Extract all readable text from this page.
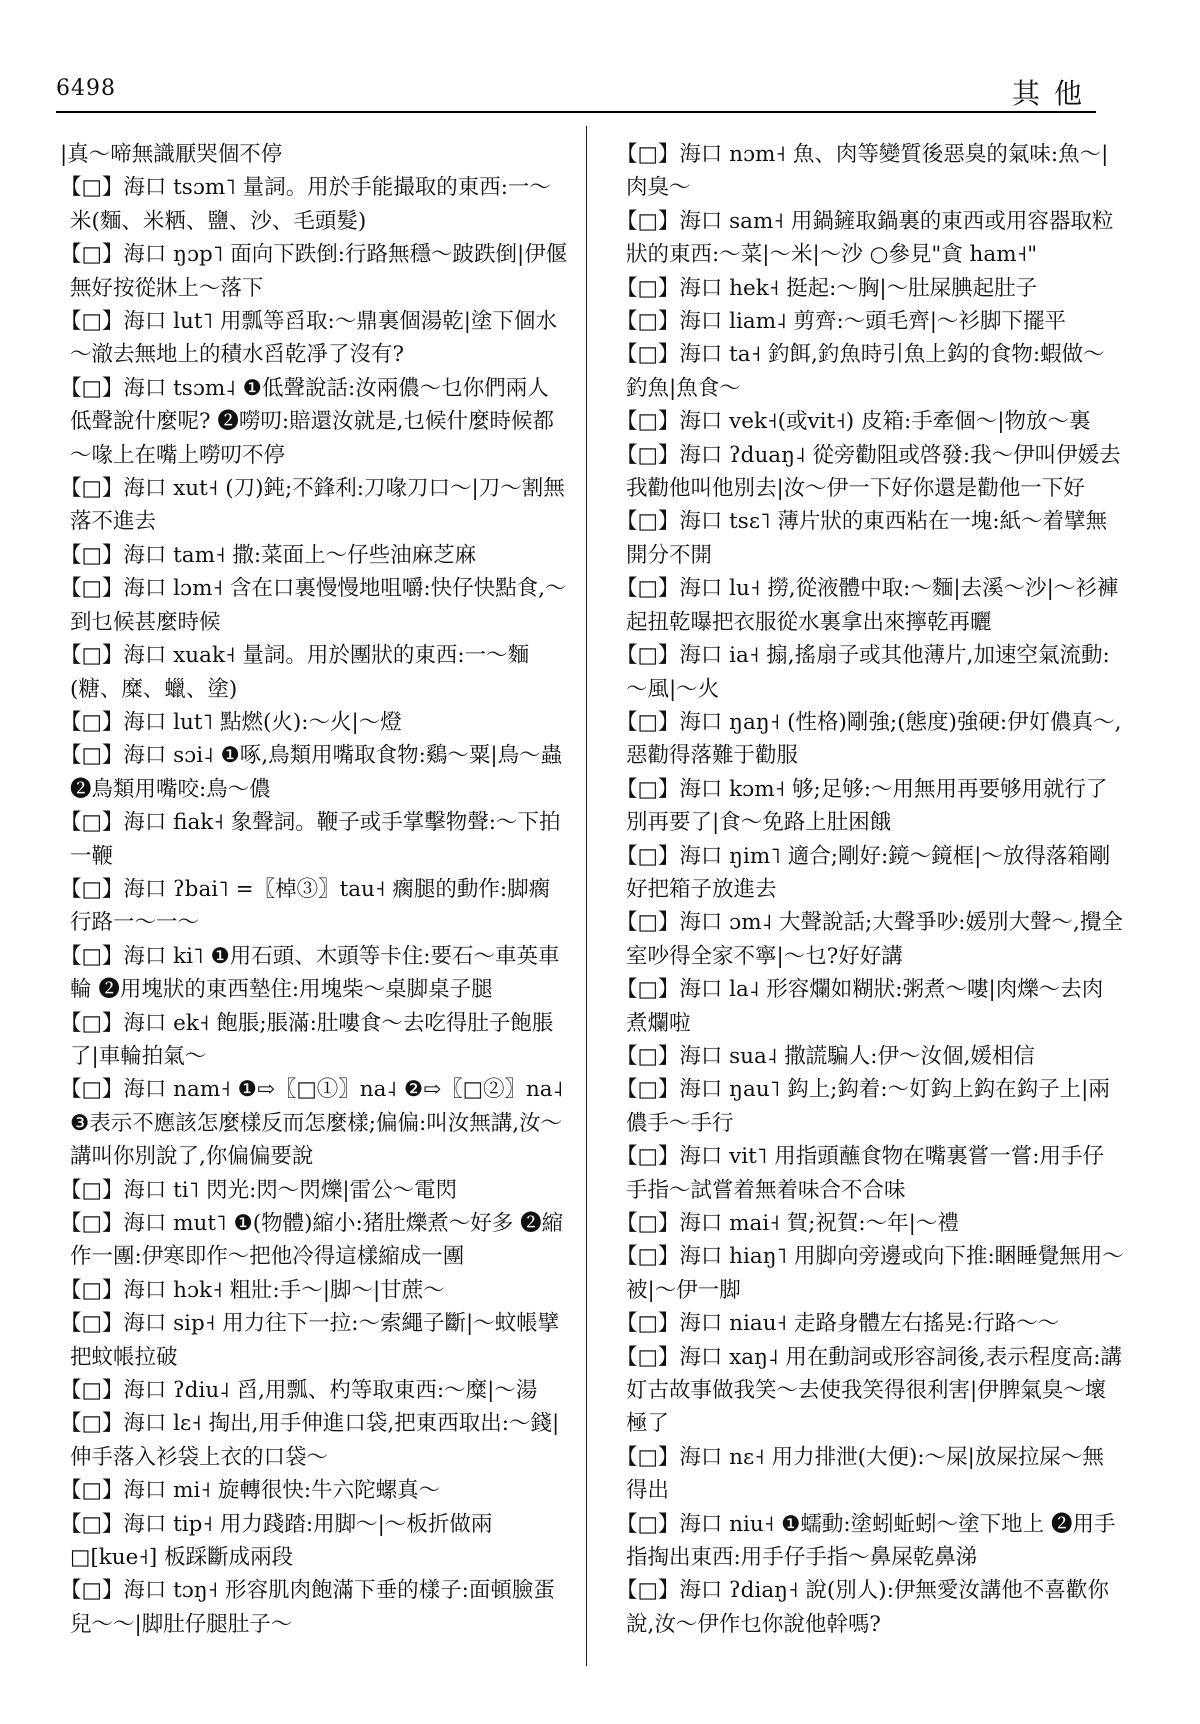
6498	其他
|真～啼無識厭哭個不停
【□】海口 tsɔm˥ 量詞。用於手能撮取的東西:一～米(麵、米粞、鹽、沙、毛頭髮)
【□】海口 ŋɔp˥ 面向下跌倒:行路無穩～跛跌倒|伊偃無好按從牀上～落下
【□】海口 lut˥ 用瓢等舀取:～鼎裏個湯乾|塗下個水～澈去無地上的積水舀乾凈了沒有?
【□】海口 tsɔm˨ ❶低聲說話:汝兩儂～乜你們兩人低聲說什麼呢? ❷嘮叨:賠還汝就是,乜候什麼時候都～喙上在嘴上嘮叨不停
【□】海口 xut˧ (刀)鈍;不鋒利:刀喙刀口～|刀～割無落不進去
【□】海口 tam˧ 撒:菜面上～仔些油麻芝麻
【□】海口 lɔm˧ 含在口裏慢慢地咀嚼:快仔快點食,～到乜候甚麼時候
【□】海口 xuak˧ 量詞。用於團狀的東西:一～麵(糖、糜、蠟、塗)
【□】海口 lut˥ 點燃(火):～火|～燈
【□】海口 sɔi˨ ❶啄,鳥類用嘴取食物:鷄～粟|鳥～蟲 ❷鳥類用嘴咬:鳥～儂
【□】海口 fiak˧ 象聲詞。鞭子或手掌擊物聲:～下拍一鞭
【□】海口 ʔbai˥ =〖棹③〗tau˧ 瘸腿的動作:脚瘸行路一～一～
【□】海口 ki˥ ❶用石頭、木頭等卡住:要石～車英車輪 ❷用塊狀的東西墊住:用塊柴～桌脚桌子腿
【□】海口 ek˧ 飽脹;脹滿:肚嘍食～去吃得肚子飽脹了|車輪拍氣～
【□】海口 nam˧ ❶⇨〖□①〗na˨ ❷⇨〖□②〗na˨ ❸表示不應該怎麼樣反而怎麼樣;偏偏:叫汝無講,汝～講叫你別說了,你偏偏要說
【□】海口 ti˥ 閃光:閃～閃爍|雷公～電閃
【□】海口 mut˥ ❶(物體)縮小:猪肚爍煮～好多 ❷縮作一團:伊寒即作～把他冷得這樣縮成一團
【□】海口 hɔk˧ 粗壯:手～|脚～|甘蔗～
【□】海口 sip˧ 用力往下一拉:～索繩子斷|～蚊帳擘把蚊帳拉破
【□】海口 ʔdiu˨ 舀,用瓢、杓等取東西:～糜|～湯
【□】海口 lɛ˧ 掏出,用手伸進口袋,把東西取出:～錢|伸手落入衫袋上衣的口袋～
【□】海口 mi˧ 旋轉很快:牛六陀螺真～
【□】海口 tip˧ 用力踐踏:用脚～|～板折做兩□[kue˧] 板踩斷成兩段
【□】海口 tɔŋ˧ 形容肌肉飽滿下垂的樣子:面頓臉蛋兒～～|脚肚仔腿肚子～
【□】海口 nɔm˧ 魚、肉等變質後惡臭的氣味:魚～|肉臭～
【□】海口 sam˧ 用鍋鏟取鍋裏的東西或用容器取粒狀的東西:～菜|～米|～沙 ○參見"貪 ham˧"
【□】海口 hek˧ 挺起:～胸|～肚屎腆起肚子
【□】海口 liam˨ 剪齊:～頭毛齊|～衫脚下擺平
【□】海口 ta˧ 釣餌,釣魚時引魚上鈎的食物:蝦做～釣魚|魚食～
【□】海口 vek˧(或vit˧) 皮箱:手牽個～|物放～裏
【□】海口 ʔduaŋ˨ 從旁勸阻或啓發:我～伊叫伊媛去我勸他叫他別去|汝～伊一下好你還是勸他一下好
【□】海口 tsɛ˥ 薄片狀的東西粘在一塊:紙～着擘無開分不開
【□】海口 lu˧ 撈,從液體中取:～麵|去溪～沙|～衫褲起扭乾曝把衣服從水裏拿出來擰乾再曬
【□】海口 ia˧ 搧,搖扇子或其他薄片,加速空氣流動:～風|～火
【□】海口 ŋaŋ˧ (性格)剛強;(態度)強硬:伊奵儂真～,惡勸得落難于勸服
【□】海口 kɔm˧ 够;足够:～用無用再要够用就行了別再要了|食～免路上肚困餓
【□】海口 ŋim˥ 適合;剛好:鏡～鏡框|～放得落箱剛好把箱子放進去
【□】海口 ɔm˨ 大聲說話;大聲爭吵:媛別大聲～,攪全室吵得全家不寧|～乜?好好講
【□】海口 la˨ 形容爛如糊狀:粥煮～嘍|肉爍～去肉煮爛啦
【□】海口 sua˨ 撒謊騙人:伊～汝個,媛相信
【□】海口 ŋau˥ 鈎上;鈎着:～奵鈎上鈎在鈎子上|兩儂手～手行
【□】海口 vit˥ 用指頭蘸食物在嘴裏嘗一嘗:用手仔手指～試嘗着無着味合不合味
【□】海口 mai˧ 賀;祝賀:～年|～禮
【□】海口 hiaŋ˥ 用脚向旁邊或向下推:睏睡覺無用～被|～伊一脚
【□】海口 niau˧ 走路身體左右搖晃:行路～～
【□】海口 xaŋ˨ 用在動詞或形容詞後,表示程度高:講奵古故事做我笑～去使我笑得很利害|伊脾氣臭～壞極了
【□】海口 nɛ˧ 用力排泄(大便):～屎|放屎拉屎～無得出
【□】海口 niu˧ ❶蠕動:塗蚓蚯蚓～塗下地上 ❷用手指掏出東西:用手仔手指～鼻屎乾鼻涕
【□】海口 ʔdiaŋ˧ 說(別人):伊無愛汝講他不喜歡你說,汝～伊作乜你說他幹嗎?
